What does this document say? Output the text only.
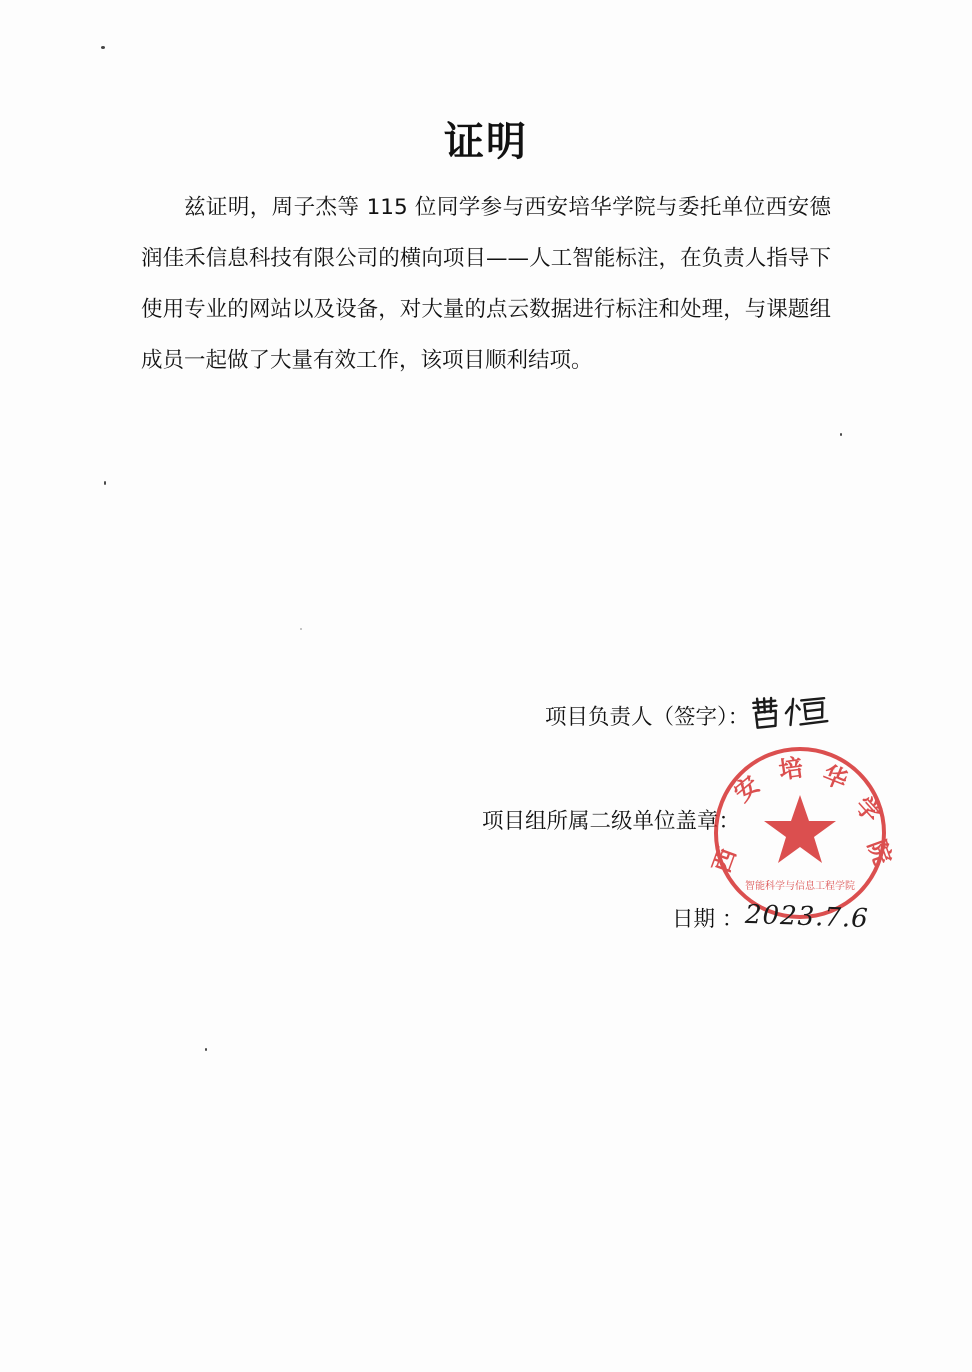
证明
兹证明，周子杰等 115 位同学参与西安培华学院与委托单位西安德润佳禾信息科技有限公司的横向项目——人工智能标注，在负责人指导下使用专业的网站以及设备，对大量的点云数据进行标注和处理，与课题组成员一起做了大量有效工作，该项目顺利结项。
项目负责人（签字）：
项目组所属二级单位盖章：
西
安
培 华
学
院
智能科学与信息工程学院
日期 ： 2023.7.6
